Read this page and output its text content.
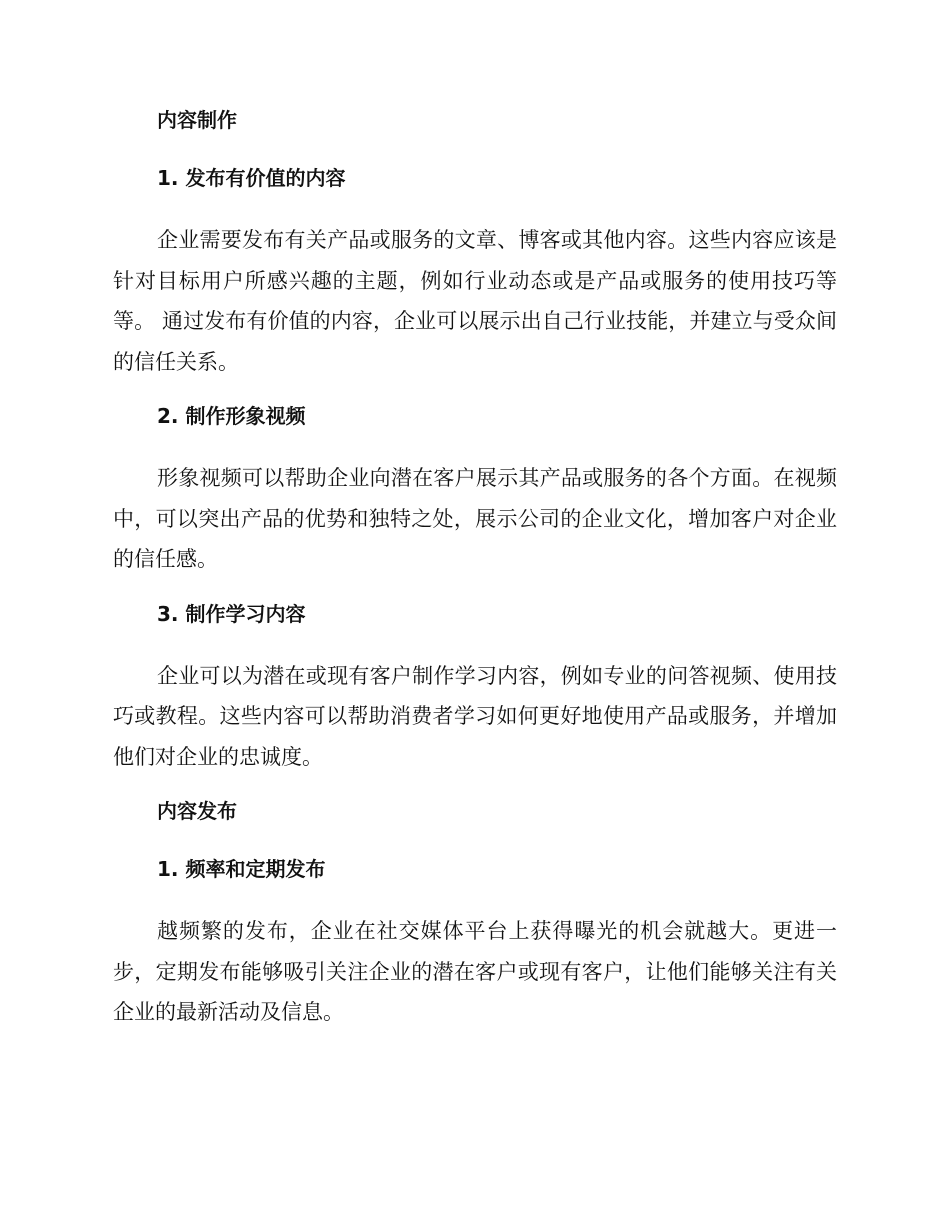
内容制作
1. 发布有价值的内容

企业需要发布有关产品或服务的文章、博客或其他内容。这些内容应该是针对目标用户所感兴趣的主题，例如行业动态或是产品或服务的使用技巧等等。 通过发布有价值的内容，企业可以展示出自己行业技能，并建立与受众间的信任关系。

2. 制作形象视频

形象视频可以帮助企业向潜在客户展示其产品或服务的各个方面。在视频中，可以突出产品的优势和独特之处，展示公司的企业文化，增加客户对企业的信任感。

3. 制作学习内容

企业可以为潜在或现有客户制作学习内容，例如专业的问答视频、使用技巧或教程。这些内容可以帮助消费者学习如何更好地使用产品或服务，并增加他们对企业的忠诚度。

内容发布
1. 频率和定期发布

越频繁的发布，企业在社交媒体平台上获得曝光的机会就越大。更进一步，定期发布能够吸引关注企业的潜在客户或现有客户，让他们能够关注有关企业的最新活动及信息。
